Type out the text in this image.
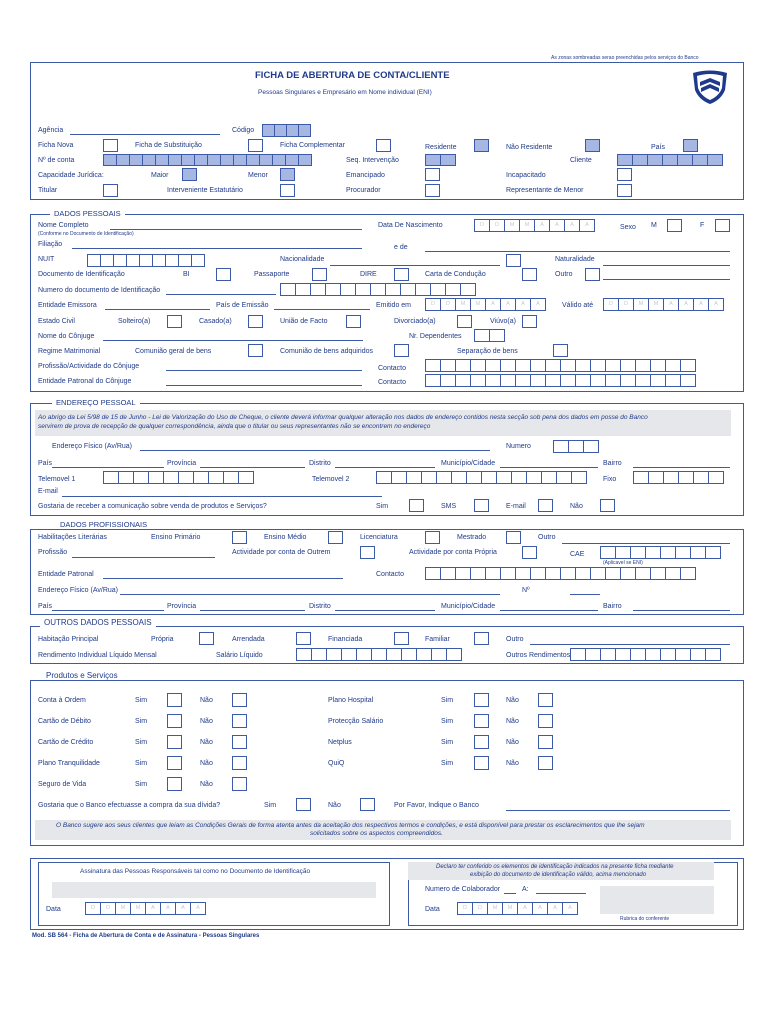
As zonas sombreadas serao preenchidas pelos serviços do Banco
FICHA DE ABERTURA DE CONTA/CLIENTE
Pessoas Singulares e Empresário em Nome individual (ENI)
Agência	Código
Ficha Nova	Ficha de Substituição	Ficha Complementar	Residente	Não Residente	País
Nº de conta	Seq. Intervenção	Cliente
Capacidade Jurídica:	Maior	Menor	Emancipado	Incapacitado
Titular	Interveniente Estatutário	Procurador	Representante de Menor
DADOS PESSOAIS
Nome Completo
(Conforme no Documento de Identificação)
Data De Nascimento	D	D	M	M	A	A	A	A	Sexo M	F
Filiação	e de
NUIT	Nacionalidade	Naturalidade
Documento de Identificação	BI	Passaporte	DIRE	Carta de Condução	Outro
Numero do documento de Identificação
Entidade Emissora	País de Emissão	Emitido em	D	D	M	M	A	A	A	A	Válido até	D	D	M	M	A	A	A	A
Estado Civil	Solteiro(a)	Casado(a)	União de Facto	Divorciado(a)	Viúvo(a)
Nome do Cônjuge	Nr. Dependentes
Regime Matrimonial	Comunião geral de bens	Comunião de bens adquiridos	Separação de bens
Profissão/Actividade do Cônjuge	Contacto
Entidade Patronal do Cônjuge	Contacto
ENDEREÇO PESSOAL
Ao abrigo da Lei 5/98 de 15 de Junho - Lei de Valorização do Uso de Cheque, o cliente deverá informar qualquer alteração nos dados de endereço contidos nesta secção sob pena dos dados em posse do Banco
servirem de prova de recepção de qualquer correspondência, ainda que o titular ou seus representantes não se encontrem no endereço
Endereço Físico (Av/Rua)	Numero
País	Província	Distrito	Município/Cidade	Bairro
Telemovel 1	Telemovel 2	Fixo
E-mail
Gostaria de receber a comunicação sobre venda de produtos e Serviços?	Sim	SMS	E-mail	Não
DADOS PROFISSIONAIS
Habilitações Literárias	Ensino Primário	Ensino Médio	Licenciatura	Mestrado	Outro
Profissão	Actividade por conta de Outrem	Actividade por conta Própria	CAE
(Aplicavel se ENI)
Entidade Patronal	Contacto
Endereço Físico (Av/Rua)	Nº
País	Província	Distrito	Município/Cidade	Bairro
OUTROS DADOS PESSOAIS
Habitação Principal	Própria	Arrendada	Financiada	Familiar	Outro
Rendimento Individual Líquido Mensal	Salário Líquido	Outros Rendimentos
Produtos e Serviços
Conta à Ordem	Sim	Não
Cartão de Débito	Sim	Não
Cartão de Crédito	Sim	Não
Plano Tranquilidade	Sim	Não
Seguro de Vida	Sim	Não
Plano Hospital	Sim	Não
Protecção Salário	Sim	Não
Netplus	Sim	Não
QuiQ	Sim	Não
Gostaria que o Banco efectuasse a compra da sua dívida?	Sim	Não	Por Favor, Indique o Banco
O Banco sugere aos seus clientes que leiam as Condições Gerais de forma atenta antes da aceitação dos respectivos termos e condições, e está disponível para prestar os esclarecimentos que lhe sejam
solicitados sobre os aspectos compreendidos.
Assinatura das Pessoas Responsáveis tal como no Documento de Identificação
Data	D	D	M	M	A	A	A	A
Declaro ter conferido os elementos de identificação indicados na presente ficha mediante
exibição do documento de identificação válido, acima mencionado
Numero de Colaborador	A:
Rubrica do conferente
Data	D	D	M	M	A	A	A	A
Mod. SB 564 - Ficha de Abertura de Conta e de Assinatura - Pessoas Singulares
